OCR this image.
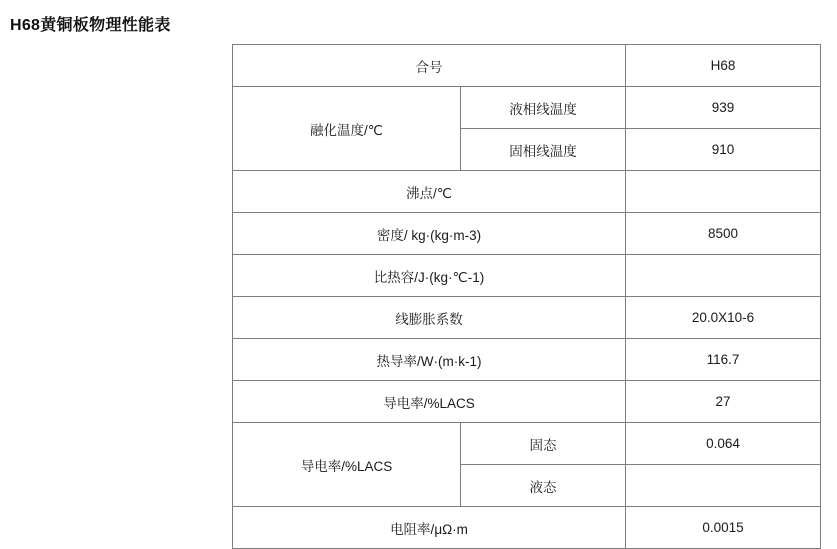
H68黄铜板物理性能表
合号		H68
融化温度/℃	液相线温度	939
	固相线温度	910
沸点/℃		
密度/ kg·(kg·m-3)		8500
比热容/J·(kg·℃-1)		
线膨胀系数		20.0X10-6
热导率/W·(m·k-1)		116.7
导电率/%LACS		27
导电率/%LACS	固态	0.064
	液态	
电阻率/μΩ·m		0.0015
